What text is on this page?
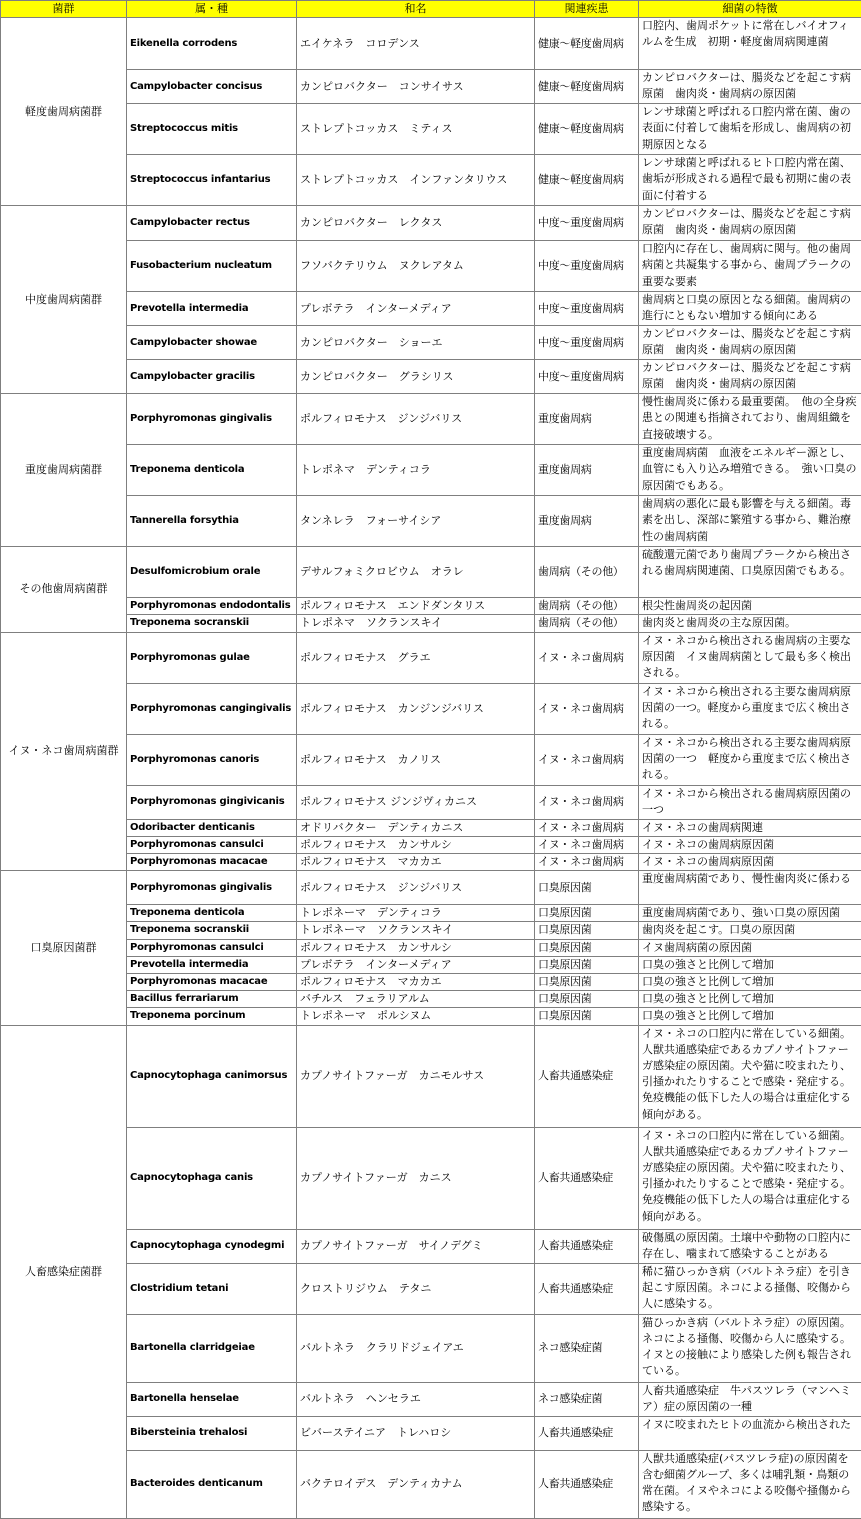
菌群	属・種	和名	関連疾患	細菌の特徴
軽度歯周病菌群	Eikenella corrodens	エイケネラ　コロデンス	健康～軽度歯周病	口腔内、歯周ポケットに常在しバイオフィルムを生成　初期・軽度歯周病関連菌
	Campylobacter concisus	カンピロバクター　コンサイサス	健康～軽度歯周病	カンピロバクターは、腸炎などを起こす病原菌　歯肉炎・歯周病の原因菌
	Streptococcus mitis	ストレプトコッカス　ミティス	健康～軽度歯周病	レンサ球菌と呼ばれる口腔内常在菌、歯の表面に付着して歯垢を形成し、歯周病の初期原因となる
	Streptococcus infantarius	ストレプトコッカス　インファンタリウス	健康～軽度歯周病	レンサ球菌と呼ばれるヒト口腔内常在菌、歯垢が形成される過程で最も初期に歯の表面に付着する
中度歯周病菌群	Campylobacter rectus	カンピロバクター　レクタス	中度～重度歯周病	カンピロバクターは、腸炎などを起こす病原菌　歯肉炎・歯周病の原因菌
	Fusobacterium nucleatum	フソバクテリウム　ヌクレアタム	中度～重度歯周病	口腔内に存在し、歯周病に関与。他の歯周病菌と共凝集する事から、歯周プラークの重要な要素
	Prevotella intermedia	プレボテラ　インターメディア	中度～重度歯周病	歯周病と口臭の原因となる細菌。歯周病の進行にともない増加する傾向にある
	Campylobacter showae	カンピロバクター　ショーエ	中度～重度歯周病	カンピロバクターは、腸炎などを起こす病原菌　歯肉炎・歯周病の原因菌
	Campylobacter gracilis	カンピロバクター　グラシリス	中度～重度歯周病	カンピロバクターは、腸炎などを起こす病原菌　歯肉炎・歯周病の原因菌
重度歯周病菌群	Porphyromonas gingivalis	ポルフィロモナス　ジンジバリス	重度歯周病	慢性歯周炎に係わる最重要菌。　他の全身疾患との関連も指摘されており、歯周組織を直接破壊する。
	Treponema denticola	トレポネマ　デンティコラ	重度歯周病	重度歯周病菌　血液をエネルギー源とし、血管にも入り込み増殖できる。　強い口臭の原因菌でもある。
	Tannerella forsythia	タンネレラ　フォーサイシア	重度歯周病	歯周病の悪化に最も影響を与える細菌。毒素を出し、深部に繁殖する事から、難治療性の歯周病菌
その他歯周病菌群	Desulfomicrobium orale	デサルフォミクロビウム　オラレ	歯周病（その他）	硫酸還元菌であり歯周プラークから検出される歯周病関連菌、口臭原因菌でもある。
	Porphyromonas endodontalis	ポルフィロモナス　エンドダンタリス	歯周病（その他）	根尖性歯周炎の起因菌
	Treponema socranskii	トレポネマ　ソクランスキイ	歯周病（その他）	歯肉炎と歯周炎の主な原因菌。
イヌ・ネコ歯周病菌群	Porphyromonas gulae	ポルフィロモナス　グラエ	イヌ・ネコ歯周病	イヌ・ネコから検出される歯周病の主要な原因菌　イヌ歯周病菌として最も多く検出される。
	Porphyromonas cangingivalis	ポルフィロモナス　カンジンジバリス	イヌ・ネコ歯周病	イヌ・ネコから検出される主要な歯周病原因菌の一つ。軽度から重度まで広く検出される。
	Porphyromonas canoris	ポルフィロモナス　カノリス	イヌ・ネコ歯周病	イヌ・ネコから検出される主要な歯周病原因菌の一つ　軽度から重度まで広く検出される。
	Porphyromonas gingivicanis	ポルフィロモナス ジンジヴィカニス	イヌ・ネコ歯周病	イヌ・ネコから検出される歯周病原因菌の一つ
	Odoribacter denticanis	オドリバクター　デンティカニス	イヌ・ネコ歯周病	イヌ・ネコの歯周病関連
	Porphyromonas cansulci	ポルフィロモナス　カンサルシ	イヌ・ネコ歯周病	イヌ・ネコの歯周病原因菌
	Porphyromonas macacae	ポルフィロモナス　マカカエ	イヌ・ネコ歯周病	イヌ・ネコの歯周病原因菌
口臭原因菌群	Porphyromonas gingivalis	ポルフィロモナス　ジンジバリス	口臭原因菌	重度歯周病菌であり、慢性歯肉炎に係わる
	Treponema denticola	トレポネーマ　デンティコラ	口臭原因菌	重度歯周病菌であり、強い口臭の原因菌
	Treponema socranskii	トレポネーマ　ソクランスキイ	口臭原因菌	歯肉炎を起こす。口臭の原因菌
	Porphyromonas cansulci	ポルフィロモナス　カンサルシ	口臭原因菌	イヌ歯周病菌の原因菌
	Prevotella intermedia	プレボテラ　インターメディア	口臭原因菌	口臭の強さと比例して増加
	Porphyromonas macacae	ポルフィロモナス　マカカエ	口臭原因菌	口臭の強さと比例して増加
	Bacillus ferrariarum	バチルス　フェラリアルム	口臭原因菌	口臭の強さと比例して増加
	Treponema porcinum	トレポネーマ　ポルシヌム	口臭原因菌	口臭の強さと比例して増加
人畜感染症菌群	Capnocytophaga canimorsus	カプノサイトファーガ　カニモルサス	人畜共通感染症	イヌ・ネコの口腔内に常在している細菌。人獣共通感染症であるカプノサイトファーガ感染症の原因菌。犬や猫に咬まれたり、引掻かれたりすることで感染・発症する。免疫機能の低下した人の場合は重症化する傾向がある。
	Capnocytophaga canis	カプノサイトファーガ　カニス	人畜共通感染症	イヌ・ネコの口腔内に常在している細菌。人獣共通感染症であるカプノサイトファーガ感染症の原因菌。犬や猫に咬まれたり、引掻かれたりすることで感染・発症する。免疫機能の低下した人の場合は重症化する傾向がある。
	Capnocytophaga cynodegmi	カプノサイトファーガ　サイノデグミ	人畜共通感染症	破傷風の原因菌。土壌中や動物の口腔内に存在し、噛まれて感染することがある
	Clostridium tetani	クロストリジウム　テタニ	人畜共通感染症	稀に猫ひっかき病（バルトネラ症）を引き起こす原因菌。ネコによる掻傷、咬傷から人に感染する。
	Bartonella clarridgeiae	バルトネラ　クラリドジェイアエ	ネコ感染症菌	猫ひっかき病（バルトネラ症）の原因菌。ネコによる掻傷、咬傷から人に感染する。イヌとの接触により感染した例も報告されている。
	Bartonella henselae	バルトネラ　ヘンセラエ	ネコ感染症菌	人畜共通感染症　牛パスツレラ（マンヘミア）症の原因菌の一種
	Bibersteinia trehalosi	ビバーステイニア　トレハロシ	人畜共通感染症	イヌに咬まれたヒトの血流から検出された
	Bacteroides denticanum	バクテロイデス　デンティカナム	人畜共通感染症	人獣共通感染症(パスツレラ症)の原因菌を含む細菌グループ、多くは哺乳類・鳥類の常在菌。イヌやネコによる咬傷や掻傷から感染する。
